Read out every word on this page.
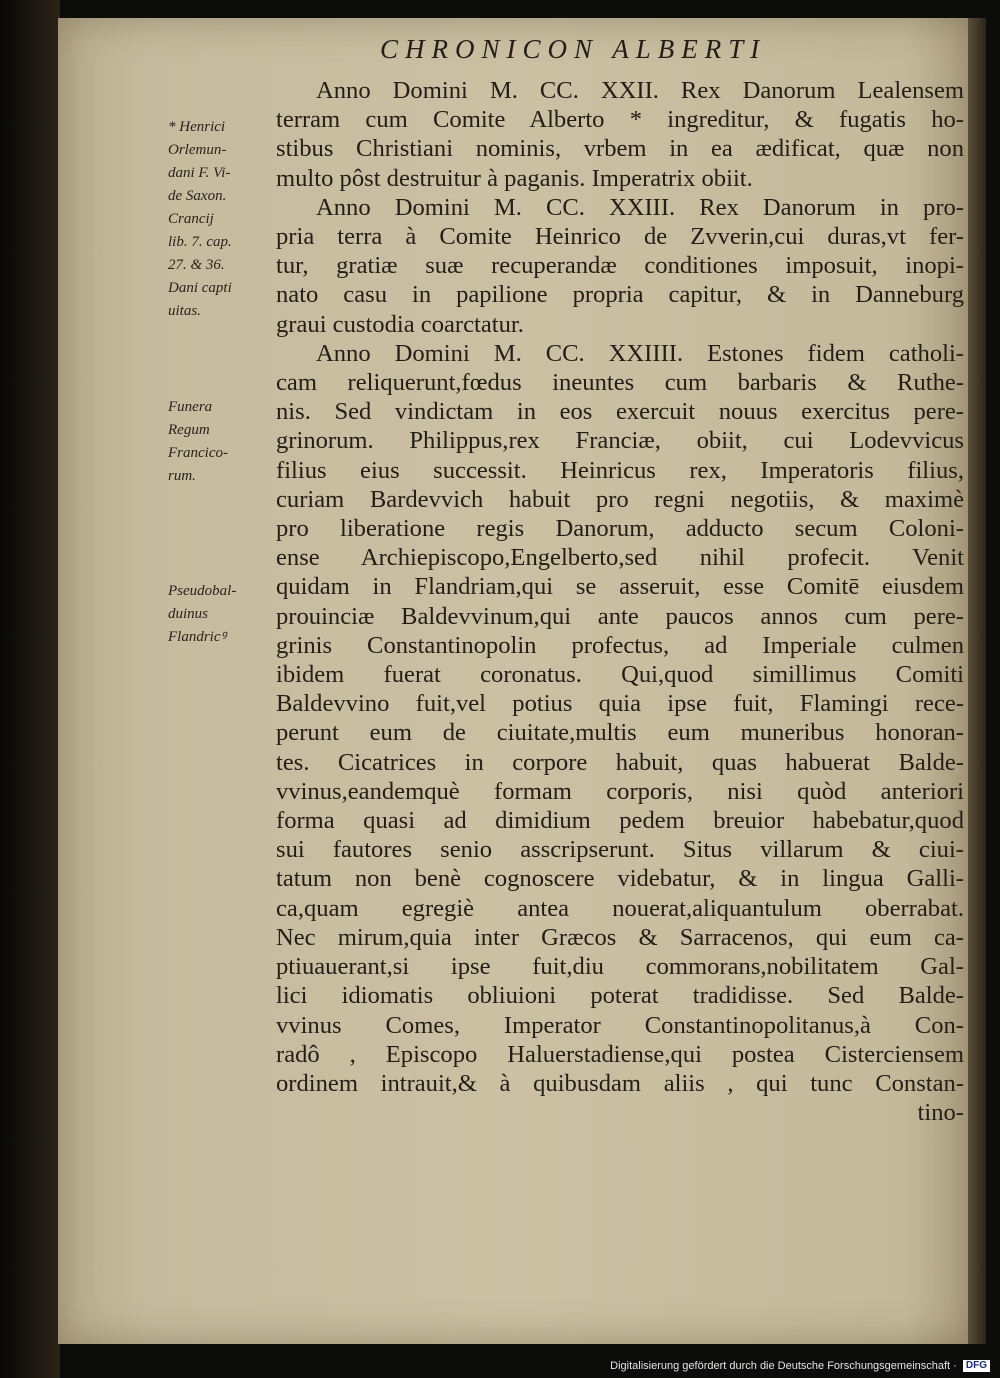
CHRONICON ALBERTI
Anno Domini M. CC. XXII. Rex Danorum Lealensem
terram cum Comite Alberto * ingreditur, & fugatis ho-
stibus Christiani nominis, vrbem in ea ædificat, quæ non
multo pôst destruitur à paganis. Imperatrix obiit.
Anno Domini M. CC. XXIII. Rex Danorum in pro-
pria terra à Comite Heinrico de Zvverin,cui duras,vt fer-
tur, gratiæ suæ recuperandæ conditiones imposuit, inopi-
nato casu in papilione propria capitur, & in Danneburg
graui custodia coarctatur.
Anno Domini M. CC. XXIIII. Estones fidem catholi-
cam reliquerunt,fœdus ineuntes cum barbaris & Ruthe-
nis. Sed vindictam in eos exercuit nouus exercitus pere-
grinorum. Philippus,rex Franciæ, obiit, cui Lodevvicus
filius eius successit. Heinricus rex, Imperatoris filius,
curiam Bardevvich habuit pro regni negotiis, & maximè
pro liberatione regis Danorum, adducto secum Coloni-
ense Archiepiscopo,Engelberto,sed nihil profecit. Venit
quidam in Flandriam,qui se asseruit, esse Comitē eiusdem
prouinciæ Baldevvinum,qui ante paucos annos cum pere-
grinis Constantinopolin profectus, ad Imperiale culmen
ibidem fuerat coronatus. Qui,quod simillimus Comiti
Baldevvino fuit,vel potius quia ipse fuit, Flamingi rece-
perunt eum de ciuitate,multis eum muneribus honoran-
tes. Cicatrices in corpore habuit, quas habuerat Balde-
vvinus,eandemquè formam corporis, nisi quòd anteriori
forma quasi ad dimidium pedem breuior habebatur,quod
sui fautores senio asscripserunt. Situs villarum & ciui-
tatum non benè cognoscere videbatur, & in lingua Galli-
ca,quam egregiè antea nouerat,aliquantulum oberrabat.
Nec mirum,quia inter Græcos & Sarracenos, qui eum ca-
ptiuauerant,si ipse fuit,diu commorans,nobilitatem Gal-
lici idiomatis obliuioni poterat tradidisse. Sed Balde-
vvinus Comes, Imperator Constantinopolitanus,à Con-
radô , Episcopo Haluerstadiense,qui postea Cisterciensem
ordinem intrauit,& à quibusdam aliis , qui tunc Constan-
tino-
* Henrici
Orlemun-
dani F. Vi-
de Saxon.
Crancij
lib. 7. cap.
27. & 36.
Dani capti
uitas.
Funera
Regum
Francico-
rum.
Pseudobal-
duinus
Flandricꝰ
Digitalisierung gefördert durch die Deutsche Forschungsgemeinschaft · DFG
